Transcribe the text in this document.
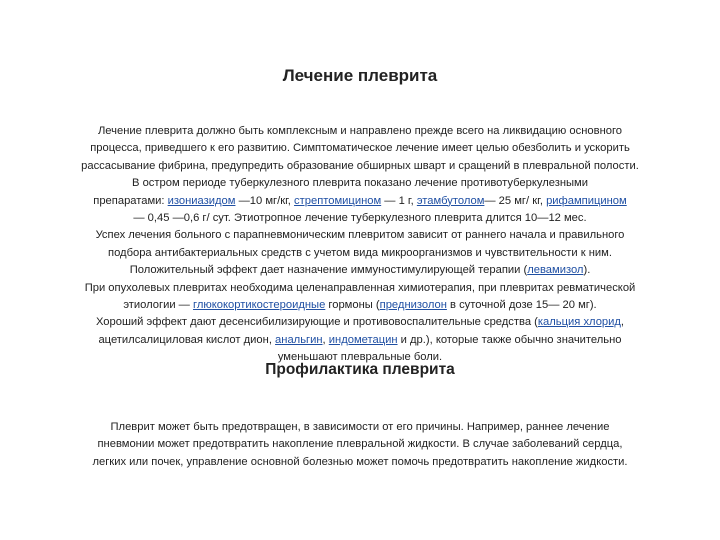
Лечение плеврита

Лечение плеврита должно быть комплексным и направлено прежде всего на ликвидацию основного
процесса, приведшего к его развитию. Симптоматическое лечение имеет целью обезболить и ускорить
рассасывание фибрина, предупредить образование обширных шварт и сращений в плевральной полости.
В остром периоде туберкулезного плеврита показано лечение противотуберкулезными
препаратами: изониазидом —10 мг/кг, стрептомицином — 1 г, этамбутолом— 25 мг/ кг, рифампицином
— 0,45 —0,6 г/ сут. Этиотропное лечение туберкулезного плеврита длится 10—12 мес.
Успех лечения больного с парапневмоническим плевритом зависит от раннего начала и правильного
подбора антибактериальных средств с учетом вида микроорганизмов и чувствительности к ним.
Положительный эффект дает назначение иммуностимулирующей терапии (левамизол).
При опухолевых плевритах необходима целенаправленная химиотерапия, при плевритах ревматической
этиологии — глюкокортикостероидные гормоны (преднизолон в суточной дозе 15— 20 мг).
Хороший эффект дают десенсибилизирующие и противовоспалительные средства (кальция хлорид,
ацетилсалициловая кислот дион, анальгин, индометацин и др.), которые также обычно значительно
уменьшают плевральные боли.

Профилактика плеврита

Плеврит может быть предотвращен, в зависимости от его причины. Например, раннее лечение
пневмонии может предотвратить накопление плевральной жидкости. В случае заболеваний сердца,
легких или почек, управление основной болезнью может помочь предотвратить накопление жидкости.
